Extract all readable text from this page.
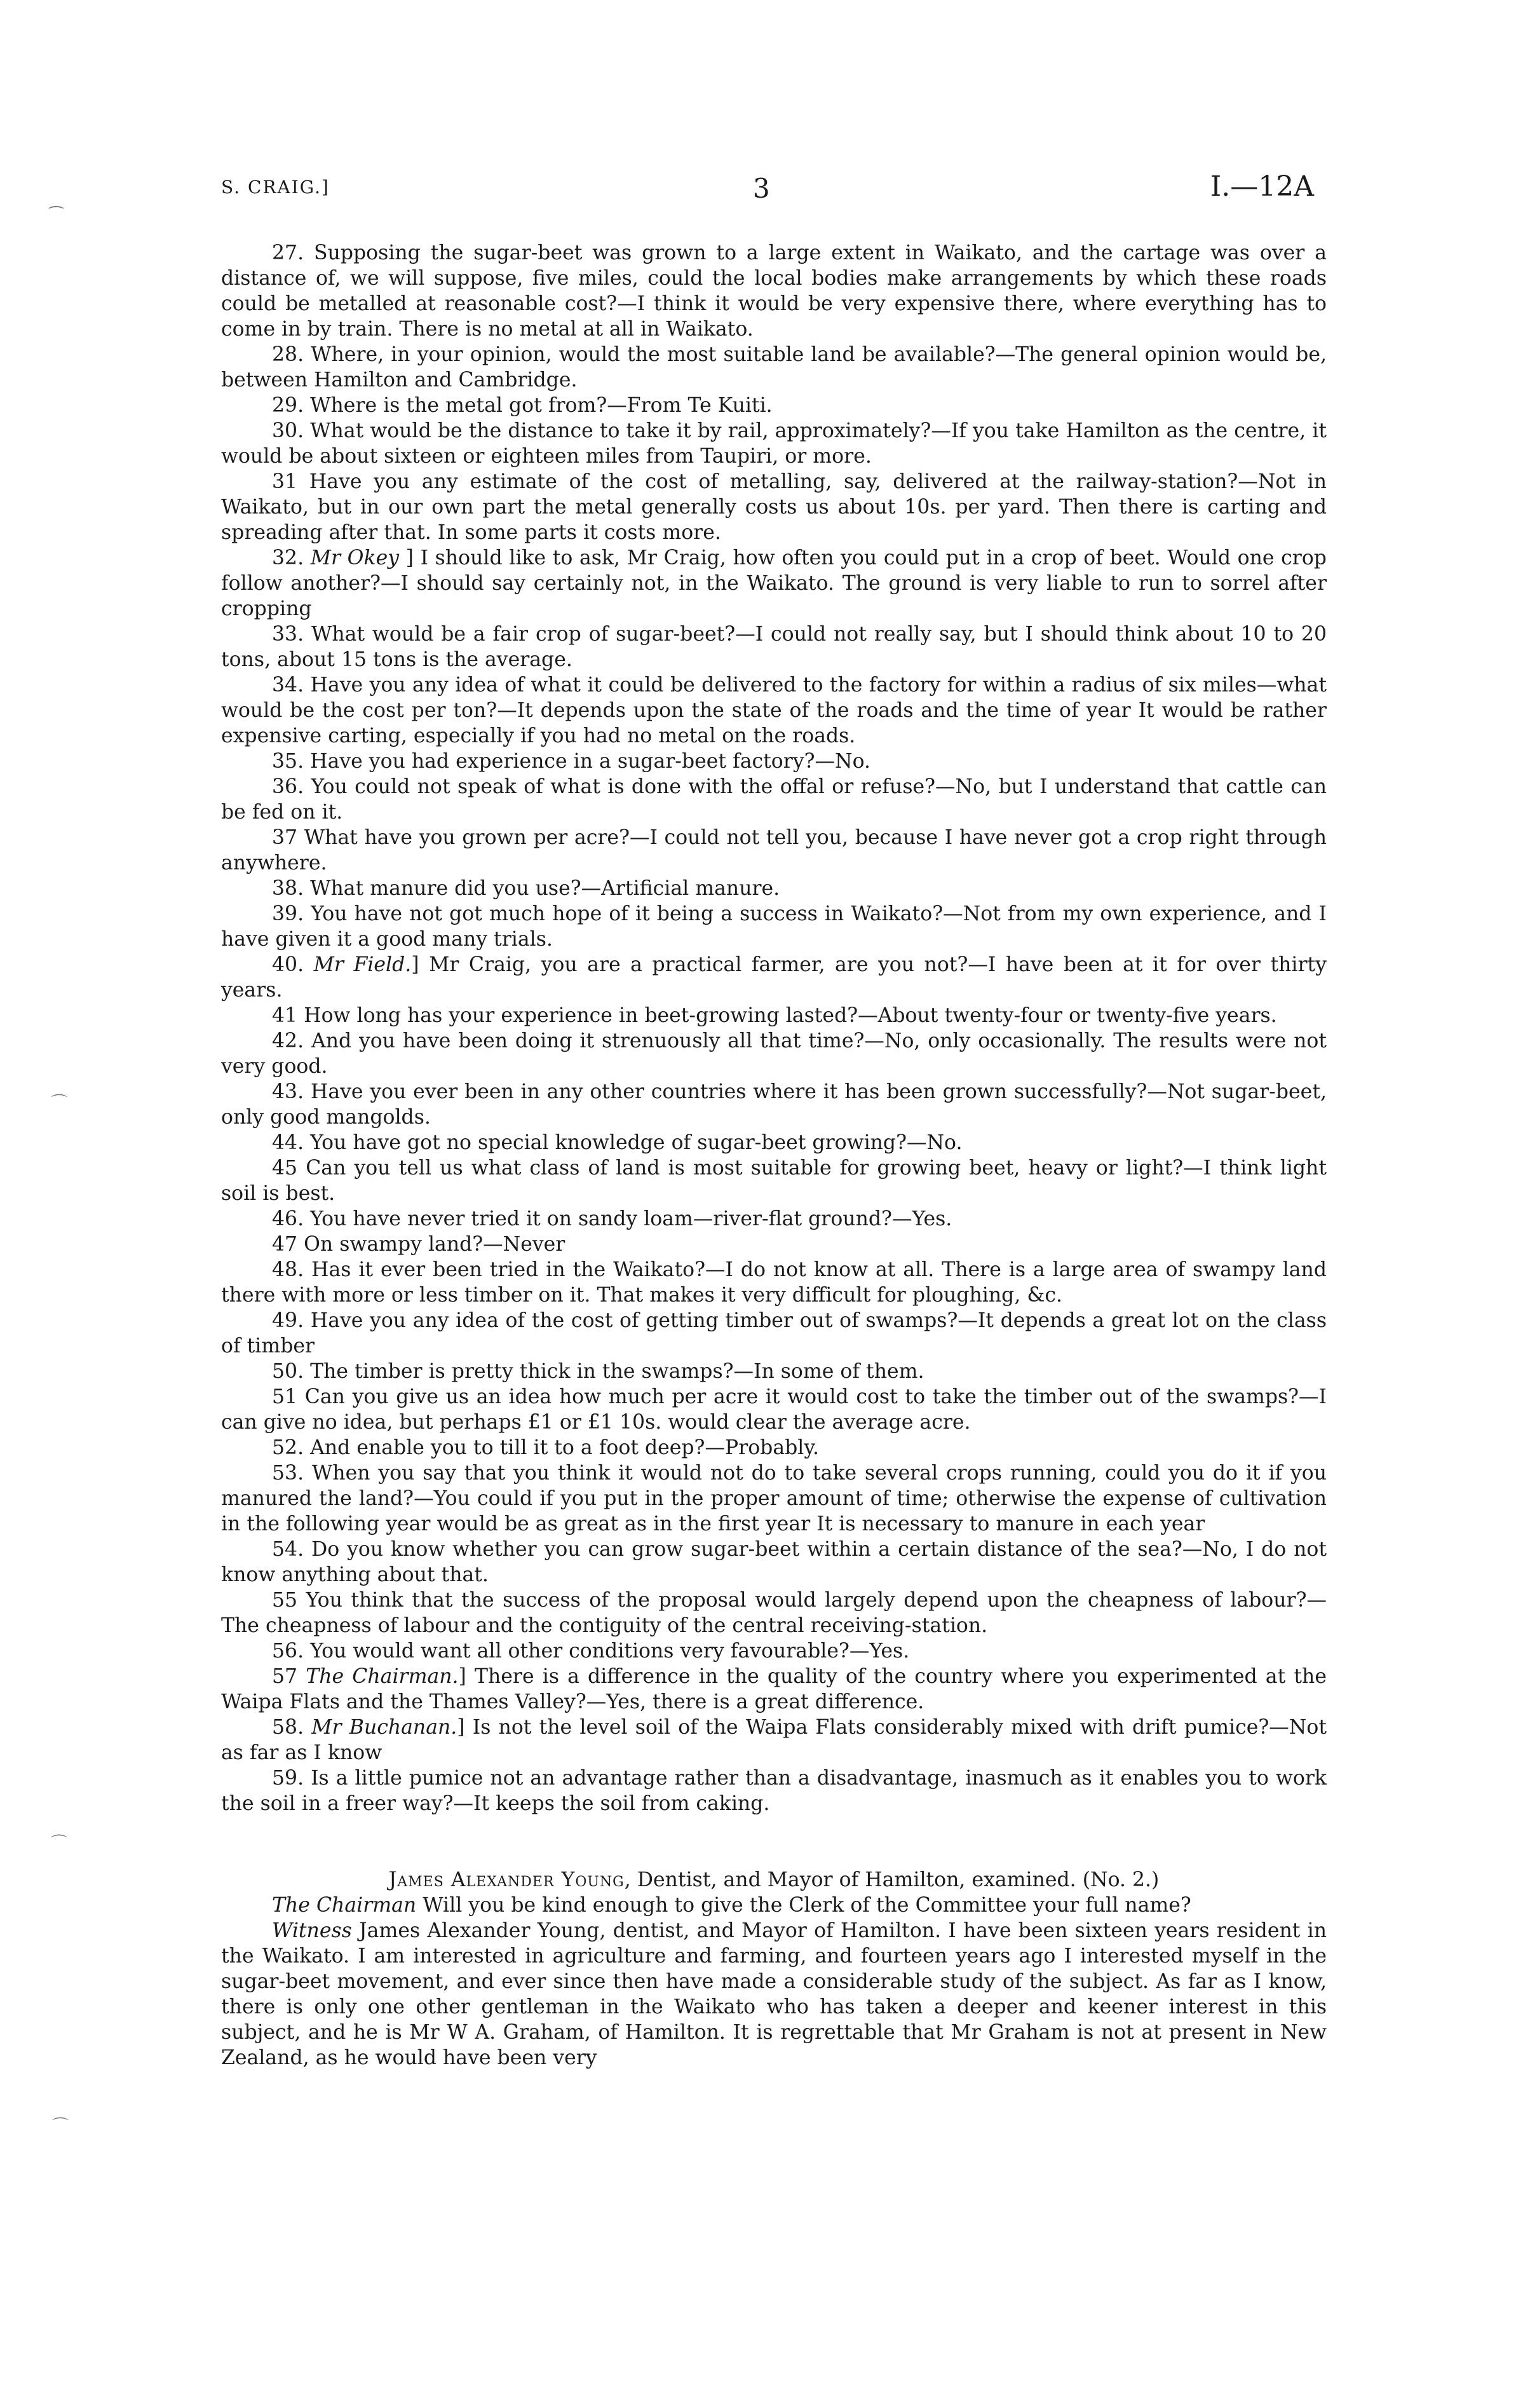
S. CRAIG.]	3	I.—12A
⁀
⌒
⌒
⌒

27. Supposing the sugar-beet was grown to a large extent in Waikato, and the cartage was over a distance of, we will suppose, five miles, could the local bodies make arrangements by which these roads could be metalled at reasonable cost?—I think it would be very expensive there, where everything has to come in by train. There is no metal at all in Waikato.

28. Where, in your opinion, would the most suitable land be available?—The general opinion would be, between Hamilton and Cambridge.

29. Where is the metal got from?—From Te Kuiti.

30. What would be the distance to take it by rail, approximately?—If you take Hamilton as the centre, it would be about sixteen or eighteen miles from Taupiri, or more.

31 Have you any estimate of the cost of metalling, say, delivered at the railway-station?—Not in Waikato, but in our own part the metal generally costs us about 10s. per yard. Then there is carting and spreading after that. In some parts it costs more.

32. Mr Okey ] I should like to ask, Mr Craig, how often you could put in a crop of beet. Would one crop follow another?—I should say certainly not, in the Waikato. The ground is very liable to run to sorrel after cropping

33. What would be a fair crop of sugar-beet?—I could not really say, but I should think about 10 to 20 tons, about 15 tons is the average.

34. Have you any idea of what it could be delivered to the factory for within a radius of six miles—what would be the cost per ton?—It depends upon the state of the roads and the time of year It would be rather expensive carting, especially if you had no metal on the roads.

35. Have you had experience in a sugar-beet factory?—No.

36. You could not speak of what is done with the offal or refuse?—No, but I understand that cattle can be fed on it.

37 What have you grown per acre?—I could not tell you, because I have never got a crop right through anywhere.

38. What manure did you use?—Artificial manure.

39. You have not got much hope of it being a success in Waikato?—Not from my own experience, and I have given it a good many trials.

40. Mr Field.] Mr Craig, you are a practical farmer, are you not?—I have been at it for over thirty years.

41 How long has your experience in beet-growing lasted?—About twenty-four or twenty-five years.

42. And you have been doing it strenuously all that time?—No, only occasionally. The results were not very good.

43. Have you ever been in any other countries where it has been grown successfully?—Not sugar-beet, only good mangolds.

44. You have got no special knowledge of sugar-beet growing?—No.

45 Can you tell us what class of land is most suitable for growing beet, heavy or light?—I think light soil is best.

46. You have never tried it on sandy loam—river-flat ground?—Yes.

47 On swampy land?—Never

48. Has it ever been tried in the Waikato?—I do not know at all. There is a large area of swampy land there with more or less timber on it. That makes it very difficult for ploughing, &c.

49. Have you any idea of the cost of getting timber out of swamps?—It depends a great lot on the class of timber

50. The timber is pretty thick in the swamps?—In some of them.

51 Can you give us an idea how much per acre it would cost to take the timber out of the swamps?—I can give no idea, but perhaps £1 or £1 10s. would clear the average acre.

52. And enable you to till it to a foot deep?—Probably.

53. When you say that you think it would not do to take several crops running, could you do it if you manured the land?—You could if you put in the proper amount of time; otherwise the expense of cultivation in the following year would be as great as in the first year It is necessary to manure in each year

54. Do you know whether you can grow sugar-beet within a certain distance of the sea?—No, I do not know anything about that.

55 You think that the success of the proposal would largely depend upon the cheapness of labour?—The cheapness of labour and the contiguity of the central receiving-station.

56. You would want all other conditions very favourable?—Yes.

57 The Chairman.] There is a difference in the quality of the country where you experimented at the Waipa Flats and the Thames Valley?—Yes, there is a great difference.

58. Mr Buchanan.] Is not the level soil of the Waipa Flats considerably mixed with drift pumice?—Not as far as I know

59. Is a little pumice not an advantage rather than a disadvantage, inasmuch as it enables you to work the soil in a freer way?—It keeps the soil from caking.

James Alexander Young, Dentist, and Mayor of Hamilton, examined. (No. 2.)

The Chairman Will you be kind enough to give the Clerk of the Committee your full name?

Witness James Alexander Young, dentist, and Mayor of Hamilton. I have been sixteen years resident in the Waikato. I am interested in agriculture and farming, and fourteen years ago I interested myself in the sugar-beet movement, and ever since then have made a considerable study of the subject. As far as I know, there is only one other gentleman in the Waikato who has taken a deeper and keener interest in this subject, and he is Mr W A. Graham, of Hamilton. It is regrettable that Mr Graham is not at present in New Zealand, as he would have been very
